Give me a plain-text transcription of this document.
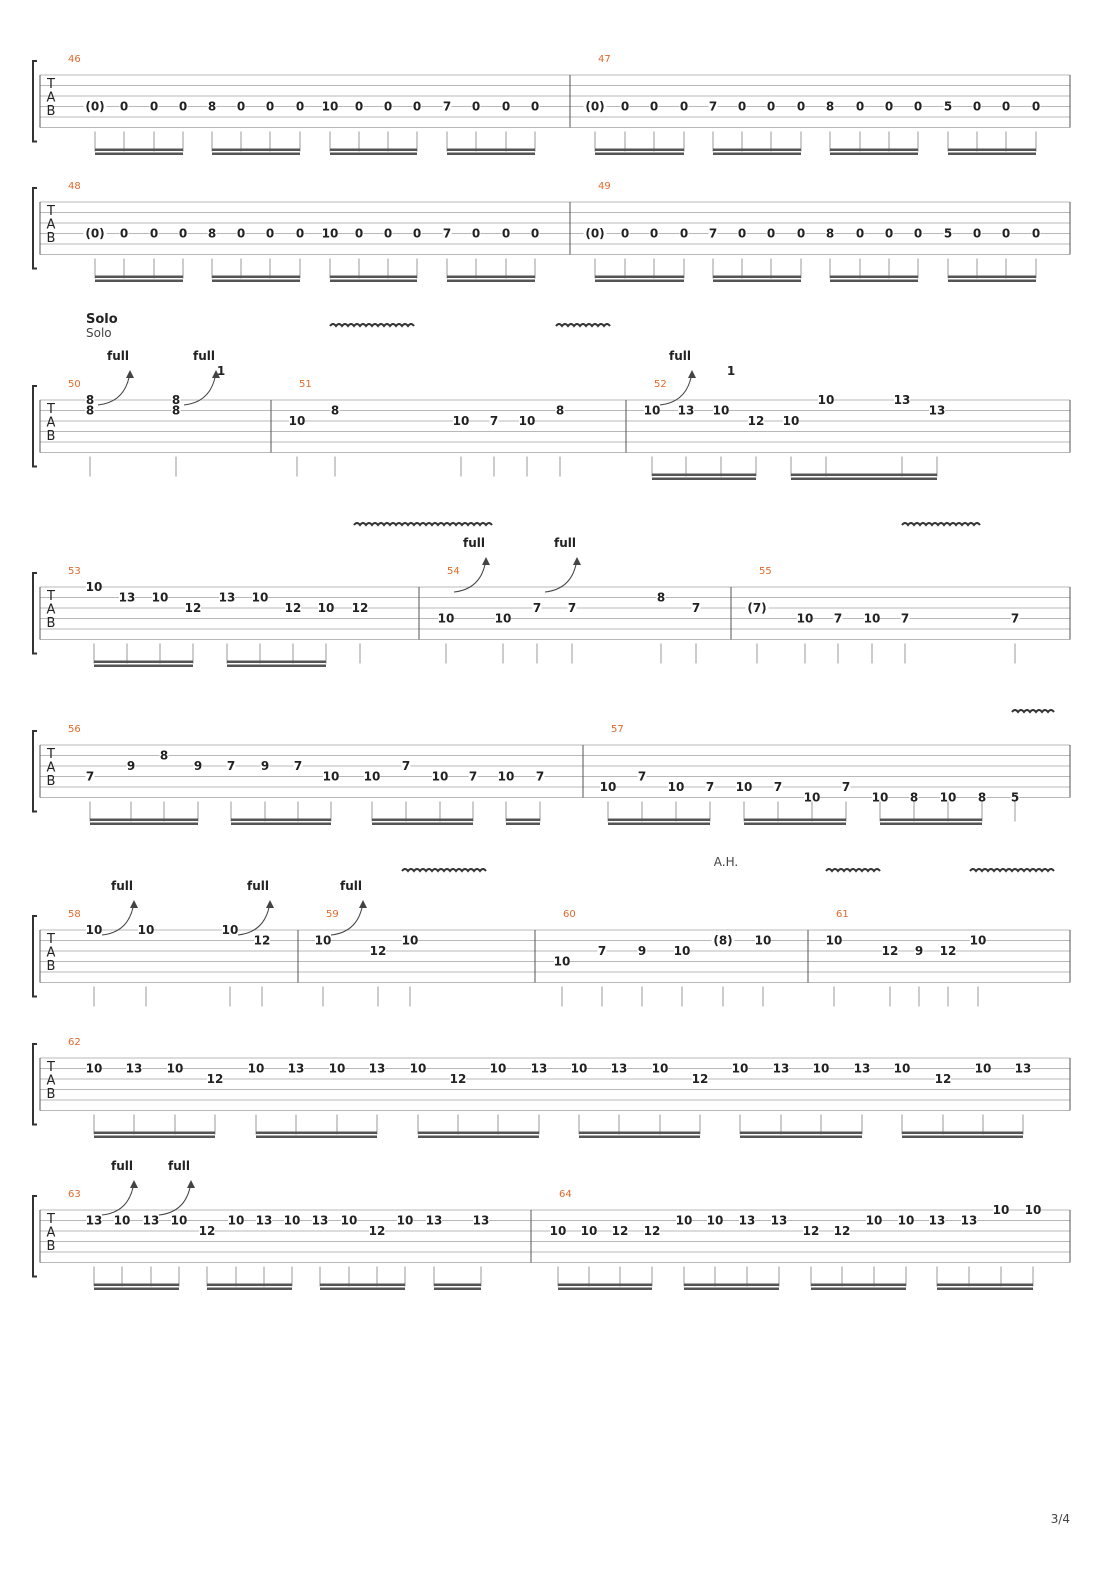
T
A
B
46
(0) 0 0 0 8 0 0 0 10 0 0 0 7 0 0 0
47
(0) 0 0 0 7 0 0 0 8 0 0 0 5 0 0 0
T
A
B
48
(0) 0 0 0 8 0 0 0 10 0 0 0 7 0 0 0
49
(0) 0 0 0 7 0 0 0 8 0 0 0 5 0 0 0
T
A
B
50
8
8
8
8
full	full
1
51
10
8
10 7 10
8
52
10 13 10
12 10
10	13
13
full
1
T
A
B
53
10
13 10
12
13 10
12 10 12
54
10	10
7 7
8
7
full	full
55
(7)
10 7 10 7	7
T
A
B
56
7
9
8
9 7 9 7
10 10
7
10 7 10 7
57
10
7
10 7 10 7
10
7
10 8 10 8 5
T
A
B
58
10	10	10
12
full	full
59
10
12
10
full
60
10
7	9 10
(8) 10
61
10
12 9 12
10
T
A
B
62
10 13 10
12
10 13 10 13 10
12
10 13 10 13 10
12
10 13 10 13 10
12
10 13
T
A
B
63
13 10 13 10
12
10 13 10 13 10
12
10 13	13
full	full
64
10 10 12 12
10 10 13 13
12 12
10 10 13 13
10 10
Solo
Solo
A.H.
3/4
